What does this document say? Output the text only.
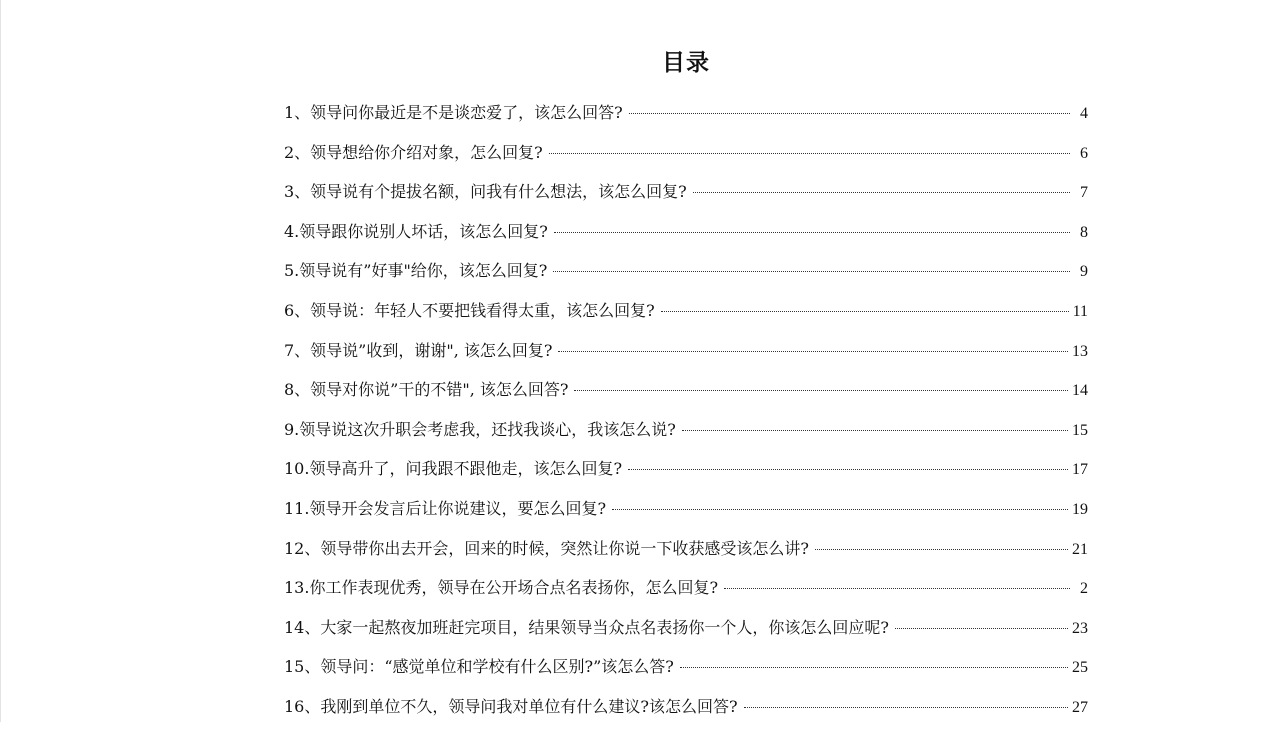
目录
1、领导问你最近是不是谈恋爱了，该怎么回答?	4
2、领导想给你介绍对象，怎么回复?	6
3、领导说有个提拔名额，问我有什么想法，该怎么回复?	7
4.领导跟你说别人坏话，该怎么回复?	8
5.领导说有”好事"给你，该怎么回复?	9
6、领导说：年轻人不要把钱看得太重，该怎么回复?	11
7、领导说”收到，谢谢", 该怎么回复?	13
8、领导对你说”干的不错", 该怎么回答?	14
9.领导说这次升职会考虑我，还找我谈心，我该怎么说?	15
10.领导高升了，问我跟不跟他走，该怎么回复?	17
11.领导开会发言后让你说建议，要怎么回复?	19
12、领导带你出去开会，回来的时候，突然让你说一下收获感受该怎么讲?	21
13.你工作表现优秀，领导在公开场合点名表扬你，怎么回复?	2
14、大家一起熬夜加班赶完项目，结果领导当众点名表扬你一个人，你该怎么回应呢?	23
15、领导问：“感觉单位和学校有什么区别?”该怎么答?	25
16、我刚到单位不久，领导问我对单位有什么建议?该怎么回答?	27
